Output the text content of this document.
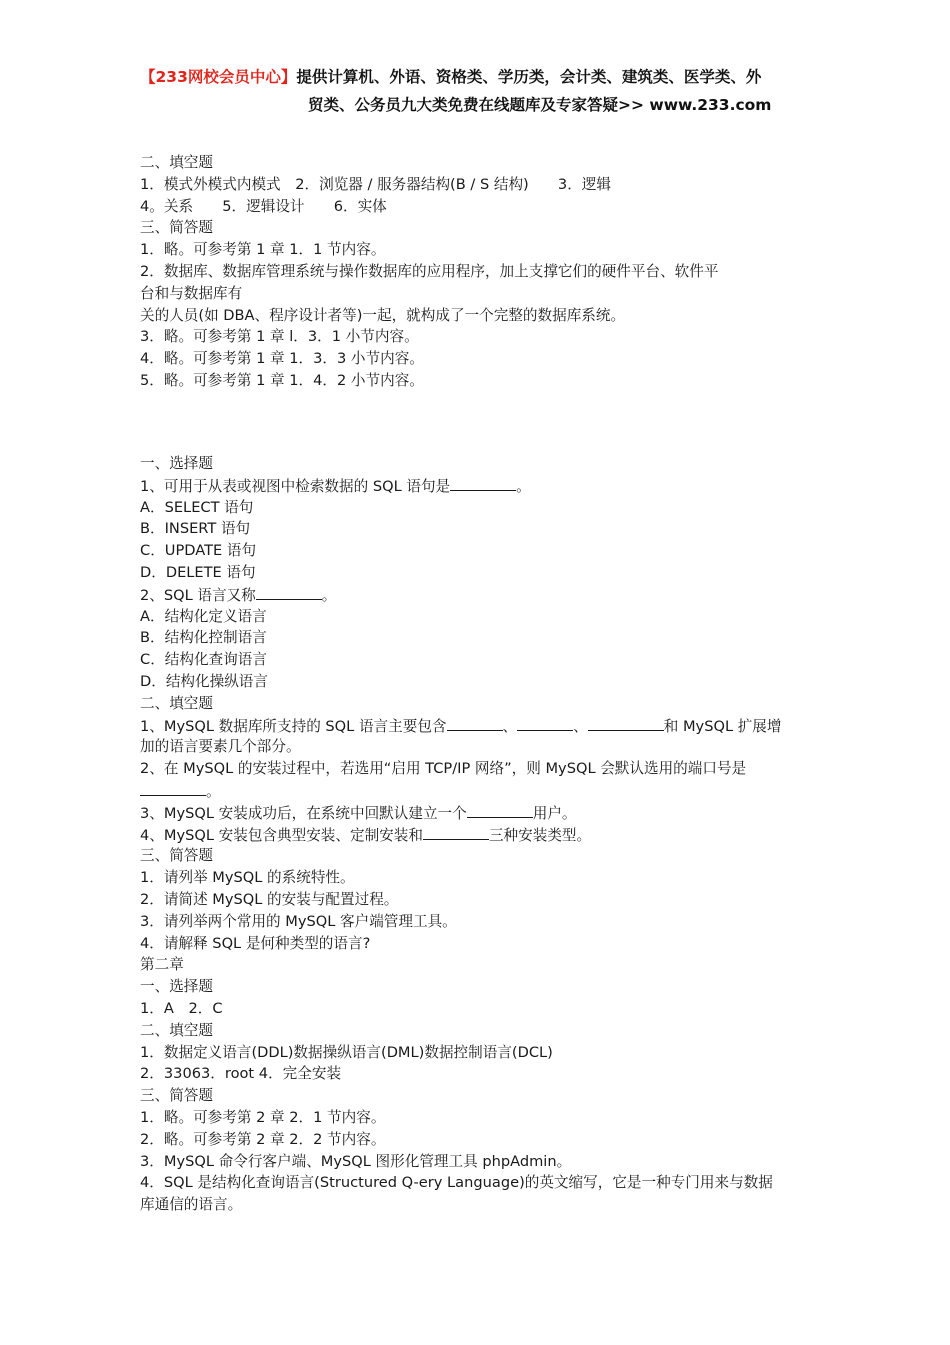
【233网校会员中心】提供计算机、外语、资格类、学历类，会计类、建筑类、医学类、外
贸类、公务员九大类免费在线题库及专家答疑>> www.233.com
二、填空题
1．模式外模式内模式　2．浏览器 / 服务器结构(B / S 结构)　　3．逻辑
4。关系　　5．逻辑设计　　6．实体
三、简答题
1．略。可参考第 1 章 1．1 节内容。
2．数据库、数据库管理系统与操作数据库的应用程序，加上支撑它们的硬件平台、软件平
台和与数据库有
关的人员(如 DBA、程序设计者等)一起，就构成了一个完整的数据库系统。
3．略。可参考第 1 章 l．3．1 小节内容。
4．略。可参考第 1 章 1．3．3 小节内容。
5．略。可参考第 1 章 1．4．2 小节内容。
一、选择题
1、可用于从表或视图中检索数据的 SQL 语句是	。
A．SELECT 语句
B．INSERT 语句
C．UPDATE 语句
D．DELETE 语句
2、SQL 语言又称	。
A．结构化定义语言
B．结构化控制语言
C．结构化查询语言
D．结构化操纵语言
二、填空题
1、MySQL 数据库所支持的 SQL 语言主要包含	、	、	和 MySQL 扩展增
加的语言要素几个部分。
2、在 MySQL 的安装过程中，若选用“启用 TCP/IP 网络”，则 MySQL 会默认选用的端口号是
。
3、MySQL 安装成功后，在系统中回默认建立一个	用户。
4、MySQL 安装包含典型安装、定制安装和	三种安装类型。
三、简答题
1．请列举 MySQL 的系统特性。
2．请简述 MySQL 的安装与配置过程。
3．请列举两个常用的 MySQL 客户端管理工具。
4．请解释 SQL 是何种类型的语言?
第二章
一、选择题
1．A　2．C
二、填空题
1．数据定义语言(DDL)数据操纵语言(DML)数据控制语言(DCL)
2．33063．root 4．完全安装
三、简答题
1．略。可参考第 2 章 2．1 节内容。
2．略。可参考第 2 章 2．2 节内容。
3．MySQL 命令行客户端、MySQL 图形化管理工具 phpAdmin。
4．SQL 是结构化查询语言(Structured Q-ery Language)的英文缩写，它是一种专门用来与数据
库通信的语言。
